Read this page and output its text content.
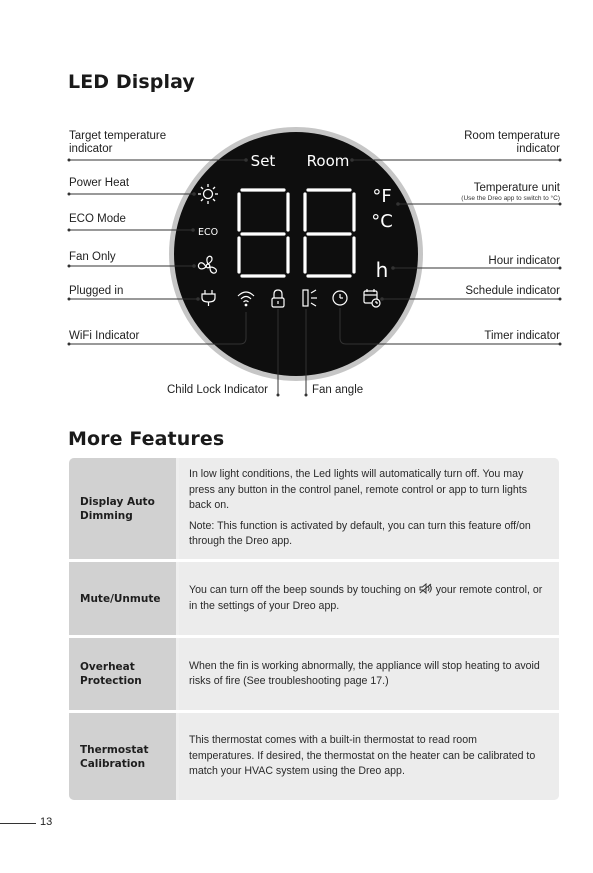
LED Display
Set Room
°F
°C
h
ECO
Target temperature
indicator
Power Heat
ECO Mode
Fan Only
Plugged in
WiFi Indicator
Room temperature
indicator
Temperature unit
(Use the Dreo app to switch to °C)
Hour indicator
Schedule indicator
Timer indicator
Child Lock Indicator	Fan angle
More Features
Display Auto
Dimming

In low light conditions, the Led lights will automatically turn off. You may press any button in the control panel, remote control or app to turn lights back on.

Note: This function is activated by default, you can turn this feature off/on through the Dreo app.

Mute/Unmute

You can turn off the beep sounds by touching on your remote control, or in the settings of your Dreo app.

Overheat
Protection

When the fin is working abnormally, the appliance will stop heating to avoid risks of fire (See troubleshooting page 17.)

Thermostat
Calibration

This thermostat comes with a built-in thermostat to read room temperatures. If desired, the thermostat on the heater can be calibrated to match your HVAC system using the Dreo app.

13
